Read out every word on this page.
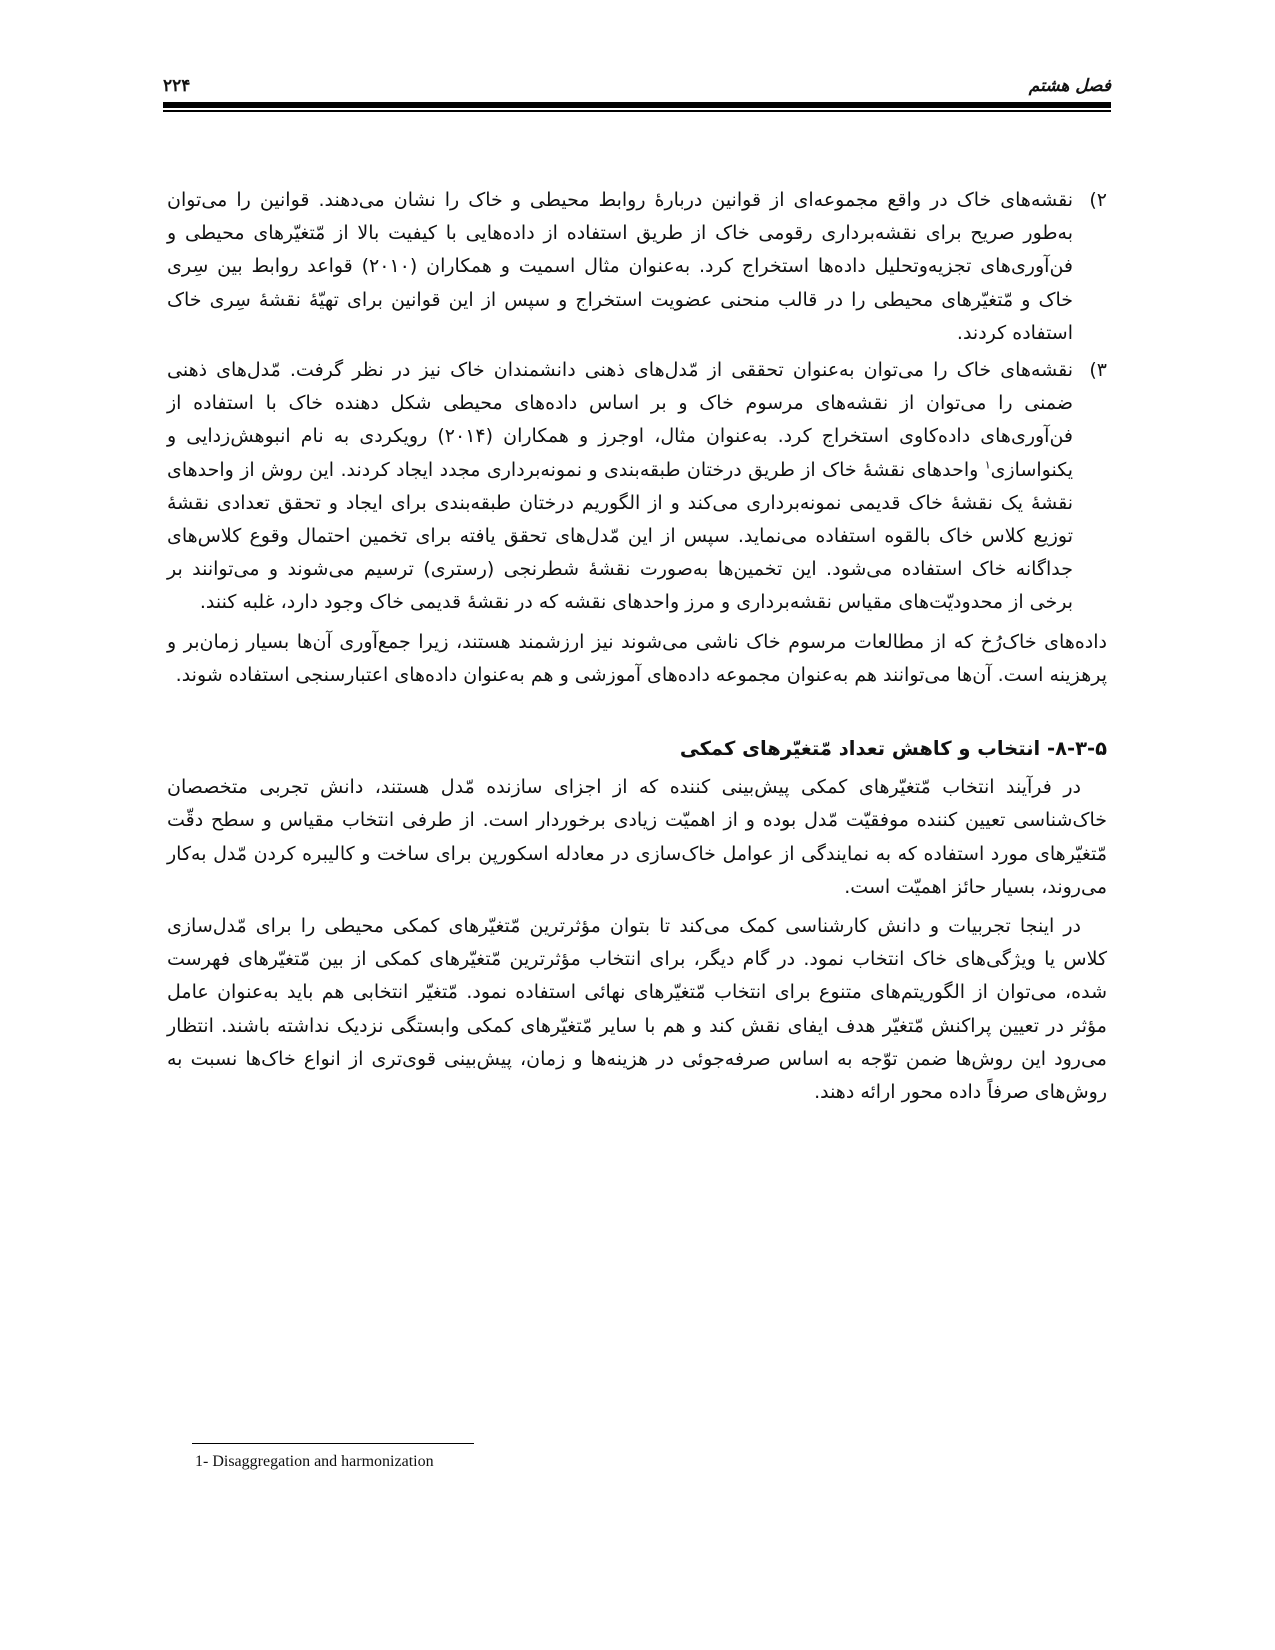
فصل هشتم
۲۲۴
۲)
نقشه‌های خاک در واقع مجموعه‌ای از قوانین دربارۀ روابط محیطی و خاک را نشان می‌دهند. قوانین را می‌توان به‌طور صریح برای نقشه‌برداری رقومی خاک از طریق استفاده از داده‌هایی با کیفیت بالا از مّتغیّرهای محیطی و فن‌آوری‌های تجزیه‌وتحلیل داده‌ها استخراج کرد. به‌عنوان مثال اسمیت و همکاران (۲۰۱۰) قواعد روابط بین سِری خاک و مّتغیّرهای محیطی را در قالب منحنی عضویت استخراج و سپس از این قوانین برای تهیّۀ نقشۀ سِری خاک استفاده کردند.
۳)
نقشه‌های خاک را می‌توان به‌عنوان تحققی از مّدل‌های ذهنی دانشمندان خاک نیز در نظر گرفت. مّدل‌های ذهنی ضمنی را می‌توان از نقشه‌های مرسوم خاک و بر اساس داده‌های محیطی شکل دهنده خاک با استفاده از فن‌آوری‌های داده‌کاوی استخراج کرد. به‌عنوان مثال، اوجرز و همکاران (۲۰۱۴) رویکردی به نام انبوهش‌زدایی و یکنواسازی$^۱$ واحدهای نقشۀ خاک از طریق درختان طبقه‌بندی و نمونه‌برداری مجدد ایجاد کردند. این روش از واحدهای نقشۀ یک نقشۀ خاک قدیمی نمونه‌برداری می‌کند و از الگوریم درختان طبقه‌بندی برای ایجاد و تحقق تعدادی نقشۀ توزیع کلاس خاک بالقوه استفاده می‌نماید. سپس از این مّدل‌های تحقق یافته برای تخمین احتمال وقوع کلاس‌های جداگانه خاک استفاده می‌شود. این تخمین‌ها به‌صورت نقشۀ شطرنجی (رستری) ترسیم می‌شوند و می‌توانند بر برخی از محدودیّت‌های مقیاس نقشه‌برداری و مرز واحدهای نقشه که در نقشۀ قدیمی خاک وجود دارد، غلبه کنند.

داده‌های خاک‌رُخ که از مطالعات مرسوم خاک ناشی می‌شوند نیز ارزشمند هستند، زیرا جمع‌آوری آن‌ها بسیار زمان‌بر و پرهزینه است. آن‌ها می‌توانند هم به‌عنوان مجموعه داده‌های آموزشی و هم به‌عنوان داده‌های اعتبارسنجی استفاده شوند.

۸-۳-۵- انتخاب و کاهش تعداد مّتغیّرهای کمکی

در فرآیند انتخاب مّتغیّرهای کمکی پیش‌بینی کننده که از اجزای سازنده مّدل هستند، دانش تجربی متخصصان خاک‌شناسی تعیین کننده موفقیّت مّدل بوده و از اهمیّت زیادی برخوردار است. از طرفی انتخاب مقیاس و سطح دقّت مّتغیّرهای مورد استفاده که به نمایندگی از عوامل خاک‌سازی در معادله اسکورپن برای ساخت و کالیبره کردن مّدل به‌کار می‌روند، بسیار حائز اهمیّت است.

در اینجا تجربیات و دانش کارشناسی کمک می‌کند تا بتوان مؤثرترین مّتغیّرهای کمکی محیطی را برای مّدل‌سازی کلاس یا ویژگی‌های خاک انتخاب نمود. در گام دیگر، برای انتخاب مؤثرترین مّتغیّرهای کمکی از بین مّتغیّرهای فهرست شده، می‌توان از الگوریتم‌های متنوع برای انتخاب مّتغیّرهای نهائی استفاده نمود. مّتغیّر انتخابی هم باید به‌عنوان عامل مؤثر در تعیین پراکنش مّتغیّر هدف ایفای نقش کند و هم با سایر مّتغیّرهای کمکی وابستگی نزدیک نداشته باشند. انتظار می‌رود این روش‌ها ضمن توّجه به اساس صرفه‌جوئی در هزینه‌ها و زمان، پیش‌بینی قوی‌تری از انواع خاک‌ها نسبت به روش‌های صرفاً داده محور ارائه دهند.

1- Disaggregation and harmonization
